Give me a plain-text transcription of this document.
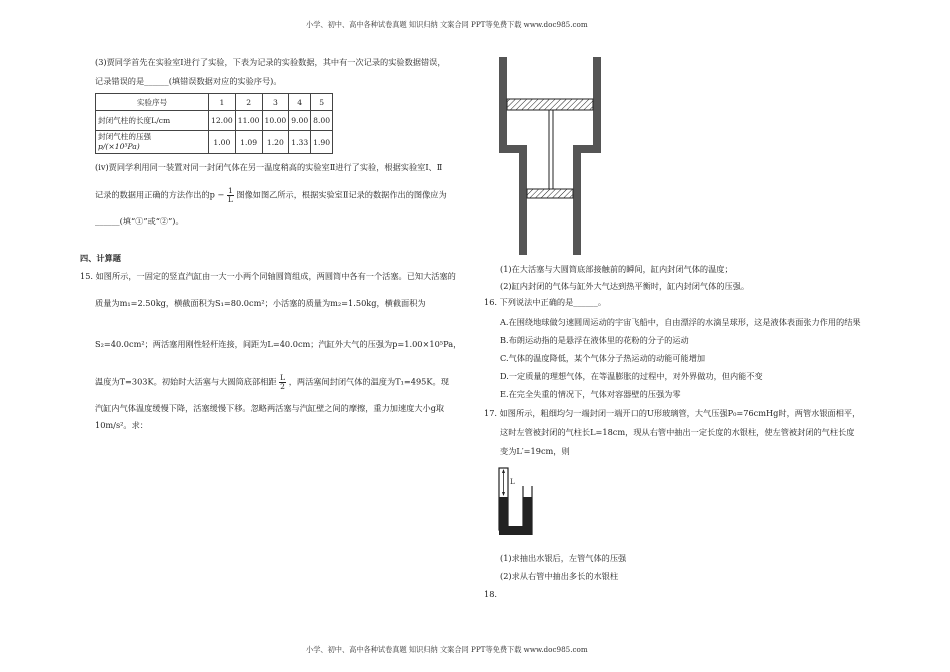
小学、初中、高中各种试卷真题 知识归纳 文案合同 PPT等免费下载 www.doc985.com
小学、初中、高中各种试卷真题 知识归纳 文案合同 PPT等免费下载 www.doc985.com
(3)贾同学首先在实验室Ⅰ进行了实验，下表为记录的实验数据，其中有一次记录的实验数据错误，
记录错误的是______(填错误数据对应的实验序号)。
实验序号	1	2	3	4	5
封闭气柱的长度L/cm	12.00	11.00	10.00	9.00	8.00
封闭气柱的压强
p/(×10⁵Pa)	1.00	1.09	1.20	1.33	1.90
(iv)贾同学利用同一装置对同一封闭气体在另一温度稍高的实验室Ⅱ进行了实验，根据实验室Ⅰ、Ⅱ
记录的数据用正确的方法作出的$p - \frac{1}{L}$ 图像如图乙所示，根据实验室Ⅱ记录的数据作出的图像应为
______(填“①”或“②”)。
四、计算题
15. 如图所示，一固定的竖直汽缸由一大一小两个同轴圆筒组成，两圆筒中各有一个活塞。已知大活塞的
质量为m₁=2.50kg，横截面积为S₁=80.0cm²；小活塞的质量为m₂=1.50kg，横截面积为
S₂=40.0cm²；两活塞用刚性轻杆连接，间距为L=40.0cm；汽缸外大气的压强为p=1.00×10⁵Pa，
温度为T=303K。初始时大活塞与大圆筒底部相距 $\frac{L}{2}$ ，两活塞间封闭气体的温度为T₁=495K。现
汽缸内气体温度缓慢下降，活塞缓慢下移。忽略两活塞与汽缸壁之间的摩擦，重力加速度大小g取
10m/s²。求：
(1)在大活塞与大圆筒底部接触前的瞬间，缸内封闭气体的温度；
(2)缸内封闭的气体与缸外大气达到热平衡时，缸内封闭气体的压强。
16. 下列说法中正确的是______。
A.在围绕地球做匀速圆周运动的宇宙飞船中，自由漂浮的水滴呈球形，这是液体表面张力作用的结果
B.布朗运动指的是悬浮在液体里的花粉的分子的运动
C.气体的温度降低，某个气体分子热运动的动能可能增加
D.一定质量的理想气体，在等温膨胀的过程中，对外界做功，但内能不变
E.在完全失重的情况下，气体对容器壁的压强为零
17. 如图所示，粗细均匀一端封闭一端开口的U形玻璃管，大气压强P₀=76cmHg时，两管水银面相平，
这时左管被封闭的气柱长L=18cm，现从右管中抽出一定长度的水银柱，使左管被封闭的气柱长度
变为L′=19cm，则
L
(1)求抽出水银后，左管气体的压强
(2)求从右管中抽出多长的水银柱
18.
